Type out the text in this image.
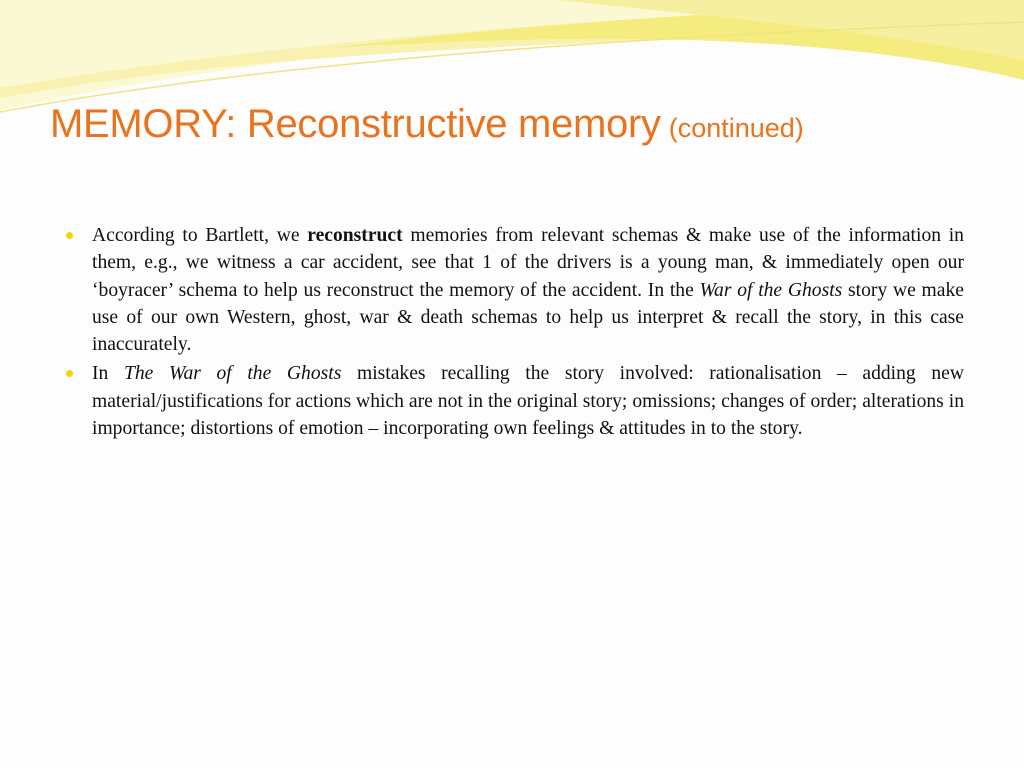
MEMORY: Reconstructive memory (continued)
According to Bartlett, we reconstruct memories from relevant schemas & make use of the information in them, e.g., we witness a car accident, see that 1 of the drivers is a young man, & immediately open our ‘boyracer’ schema to help us reconstruct the memory of the accident. In the War of the Ghosts story we make use of our own Western, ghost, war & death schemas to help us interpret & recall the story, in this case inaccurately.
In The War of the Ghosts mistakes recalling the story involved: rationalisation – adding new material/justifications for actions which are not in the original story; omissions; changes of order; alterations in importance; distortions of emotion – incorporating own feelings & attitudes in to the story.
